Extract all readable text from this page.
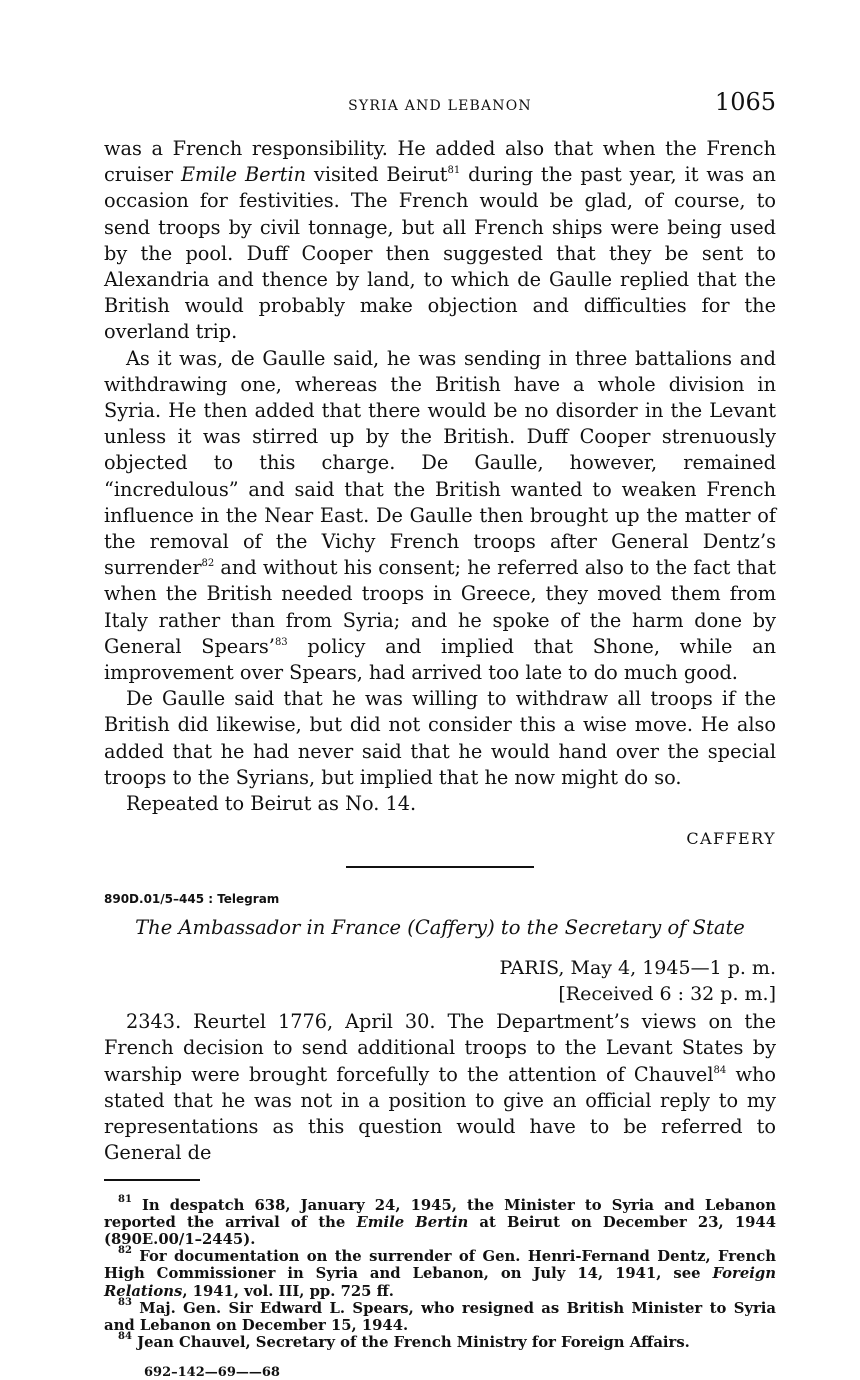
SYRIA AND LEBANON	1065

was a French responsibility. He added also that when the French cruiser Emile Bertin visited Beirut$^{81}$ during the past year, it was an occasion for festivities. The French would be glad, of course, to send troops by civil tonnage, but all French ships were being used by the pool. Duff Cooper then suggested that they be sent to Alexandria and thence by land, to which de Gaulle replied that the British would probably make objection and difficulties for the overland trip.

As it was, de Gaulle said, he was sending in three battalions and withdrawing one, whereas the British have a whole division in Syria. He then added that there would be no disorder in the Levant unless it was stirred up by the British. Duff Cooper strenuously objected to this charge. De Gaulle, however, remained “incredulous” and said that the British wanted to weaken French influence in the Near East. De Gaulle then brought up the matter of the removal of the Vichy French troops after General Dentz’s surrender$^{82}$ and without his consent; he referred also to the fact that when the British needed troops in Greece, they moved them from Italy rather than from Syria; and he spoke of the harm done by General Spears’$^{83}$ policy and implied that Shone, while an improvement over Spears, had arrived too late to do much good.

De Gaulle said that he was willing to withdraw all troops if the British did likewise, but did not consider this a wise move. He also added that he had never said that he would hand over the special troops to the Syrians, but implied that he now might do so.

Repeated to Beirut as No. 14.

CAFFERY
890D.01/5–445 : Telegram
The Ambassador in France (Caffery) to the Secretary of State
PARIS, May 4, 1945—1 p. m.
[Received 6 : 32 p. m.]

2343. Reurtel 1776, April 30. The Department’s views on the French decision to send additional troops to the Levant States by warship were brought forcefully to the attention of Chauvel$^{84}$ who stated that he was not in a position to give an official reply to my representations as this question would have to be referred to General de

$^{81}$ In despatch 638, January 24, 1945, the Minister to Syria and Lebanon reported the arrival of the Emile Bertin at Beirut on December 23, 1944 (890E.00/1–2445).

$^{82}$ For documentation on the surrender of Gen. Henri-Fernand Dentz, French High Commissioner in Syria and Lebanon, on July 14, 1941, see Foreign Relations, 1941, vol. III, pp. 725 ff.

$^{83}$ Maj. Gen. Sir Edward L. Spears, who resigned as British Minister to Syria and Lebanon on December 15, 1944.

$^{84}$ Jean Chauvel, Secretary of the French Ministry for Foreign Affairs.

692–142—69——68
